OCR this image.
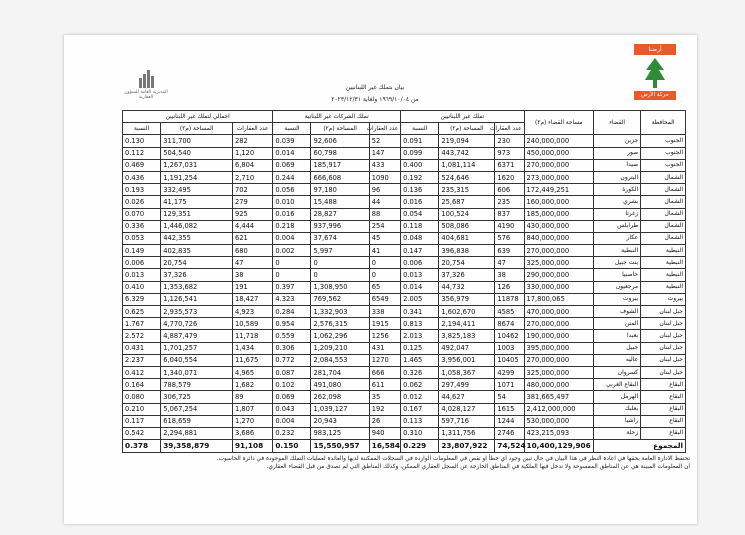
المديرية العامة للشؤون العقارية
أرضنا
حركة الأرض
بيان بتملك غير اللبنانيين
من ١٩٦٩/١٠/٠٤ ولغاية ٢٠٢٣/١٢/٣١
المحافظة	القضاء	مساحة القضاء (م٢)	تملك غير اللبنانيين			تملك الشركات غير اللبنانية			اجمالي لتملك غير اللبنانيين		
			عدد العقارات	المساحة (م٢)	النسبة	عدد العقارات	المساحة (م٢)	النسبة	عدد العقارات	المساحة (م٢)	النسبة
الجنوب	جزين	240,000,000	230	219,094	0.091	52	92,606	0.039	282	311,700	0.130
الجنوب	صور	450,000,000	973	443,742	0.099	147	60,798	0.014	1,120	504,540	0.112
الجنوب	صيدا	270,000,000	6371	1,081,114	0.400	433	185,917	0.069	6,804	1,267,031	0.469
الشمال	البترون	273,000,000	1620	524,646	0.192	1090	666,608	0.244	2,710	1,191,254	0.436
الشمال	الكورة	172,449,251	606	235,315	0.136	96	97,180	0.056	702	332,495	0.193
الشمال	بشري	160,000,000	235	25,687	0.016	44	15,488	0.010	279	41,175	0.026
الشمال	زغرتا	185,000,000	837	100,524	0.054	88	28,827	0.016	925	129,351	0.070
الشمال	طرابلس	430,000,000	4190	508,086	0.118	254	937,996	0.218	4,444	1,446,082	0.336
الشمال	عكار	840,000,000	576	404,681	0.048	45	37,674	0.004	621	442,355	0.053
النبطية	النبطية	270,000,000	639	396,838	0.147	41	5,997	0.002	680	402,835	0.149
النبطية	بنت جبيل	325,000,000	47	20,754	0.006	0	0	0	47	20,754	0.006
النبطية	حاصبيا	290,000,000	38	37,326	0.013	0	0	0	38	37,326	0.013
النبطية	مرجعيون	330,000,000	126	44,732	0.014	65	1,308,950	0.397	191	1,353,682	0.410
بيروت	بيروت	17,800,065	11878	356,979	2.005	6549	769,562	4.323	18,427	1,126,541	6.329
جبل لبنان	الشوف	470,000,000	4585	1,602,670	0.341	338	1,332,903	0.284	4,923	2,935,573	0.625
جبل لبنان	المتن	270,000,000	8674	2,194,411	0.813	1915	2,576,315	0.954	10,589	4,770,726	1.767
جبل لبنان	بعبدا	190,000,000	10462	3,825,183	2.013	1256	1,062,296	0.559	11,718	4,887,479	2.572
جبل لبنان	جبيل	395,000,000	1003	492,047	0.125	431	1,209,210	0.306	1,434	1,701,257	0.431
جبل لبنان	عاليه	270,000,000	10405	3,956,001	1.465	1270	2,084,553	0.772	11,675	6,040,554	2.237
جبل لبنان	كسروان	325,000,000	4299	1,058,367	0.326	666	281,704	0.087	4,965	1,340,071	0.412
البقاع	البقاع الغربي	480,000,000	1071	297,499	0.062	611	491,080	0.102	1,682	788,579	0.164
البقاع	الهرمل	381,665,497	54	44,627	0.012	35	262,098	0.069	89	306,725	0.080
البقاع	بعلبك	2,412,000,000	1615	4,028,127	0.167	192	1,039,127	0.043	1,807	5,067,254	0.210
البقاع	راشيا	530,000,000	1244	597,716	0.113	26	20,943	0.004	1,270	618,659	0.117
البقاع	زحلة	423,215,093	2746	1,311,756	0.310	940	983,125	0.232	3,686	2,294,881	0.542
المجموع		10,400,129,906	74,524	23,807,922	0.229	16,584	15,550,957	0.150	91,108	39,358,879	0.378
تحتفظ الادارة العامة بحقها في اعادة النظر في هذا البيان في حال تبين وجود اي خطأ او نقص في المعلومات الواردة في السجلات الممكننة لديها والعائدة لعمليات التملك الموجودة في دائرة الحاسوب.
ان المعلومات المبينة هي عن المناطق الممسوحة ولا تدخل فيها الملكية في المناطق الخارجة عن السجل العقاري الممكن، وكذلك المناطق التي لم تصدق من قبل القضاء العقاري.
